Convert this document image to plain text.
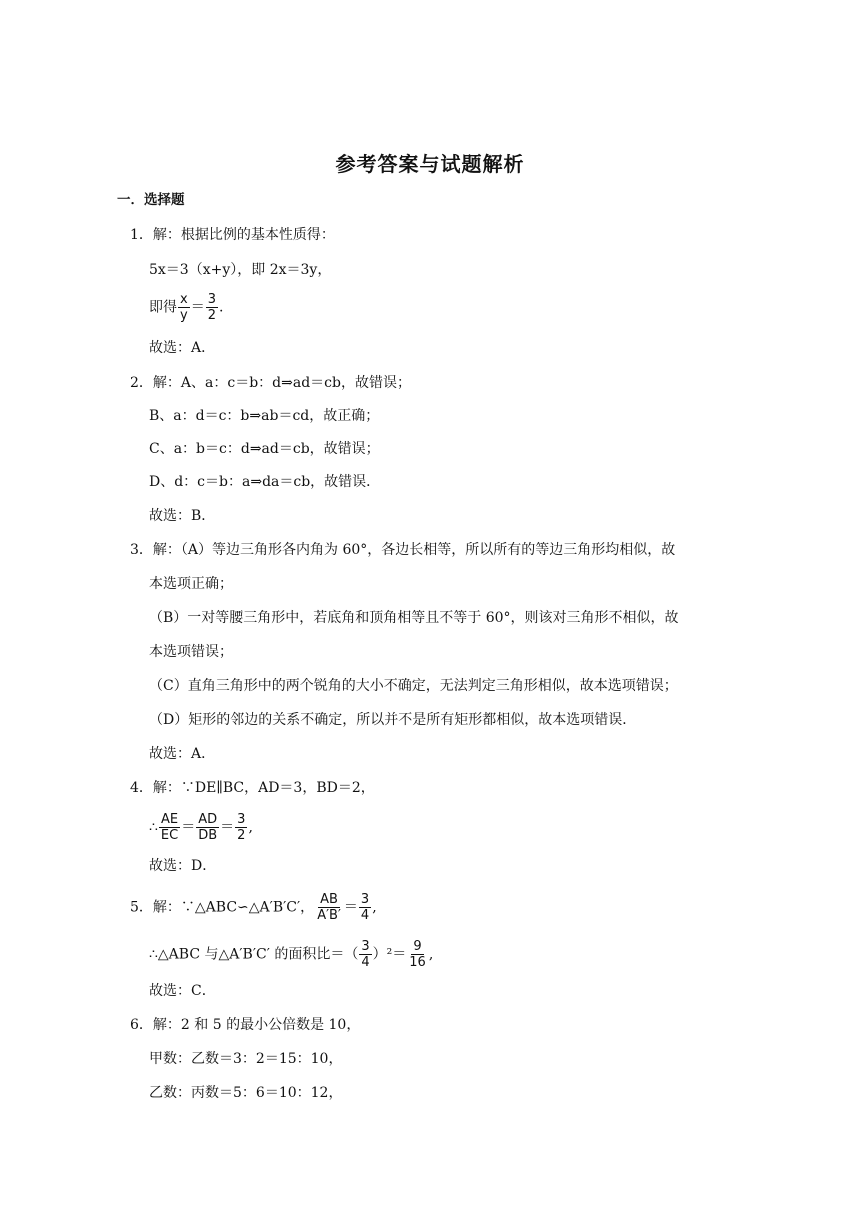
参考答案与试题解析
一．选择题
1．解：根据比例的基本性质得：
5x＝3（x+y），即 2x＝3y，
即得 $\frac{x}{y} = \frac{3}{2}$ .
故选：A．
2．解：A、a：c＝b：d⇒ad＝cb，故错误；
B、a：d＝c：b⇒ab＝cd，故正确；
C、a：b＝c：d⇒ad＝cb，故错误；
D、d：c＝b：a⇒da＝cb，故错误．
故选：B．
3．解：（A）等边三角形各内角为 60°，各边长相等，所以所有的等边三角形均相似，故
本选项正确；
（B）一对等腰三角形中，若底角和顶角相等且不等于 60°，则该对三角形不相似，故
本选项错误；
（C）直角三角形中的两个锐角的大小不确定，无法判定三角形相似，故本选项错误；
（D）矩形的邻边的关系不确定，所以并不是所有矩形都相似，故本选项错误．
故选：A．
4．解：∵DE∥BC，AD＝3，BD＝2，
∴ $\frac{AE}{EC} = \frac{AD}{DB} = \frac{3}{2}$ ,
故选：D．
5．解：∵△ABC∽△A′B′C′， $\frac{AB}{A'B'} = \frac{3}{4}$ ,
∴△ABC 与△A′B′C′ 的面积比＝（ $\frac{3}{4} )^2= \frac{9}{16}$ ,
故选：C．
6．解：2 和 5 的最小公倍数是 10，
甲数：乙数＝3：2＝15：10，
乙数：丙数＝5：6＝10：12，
